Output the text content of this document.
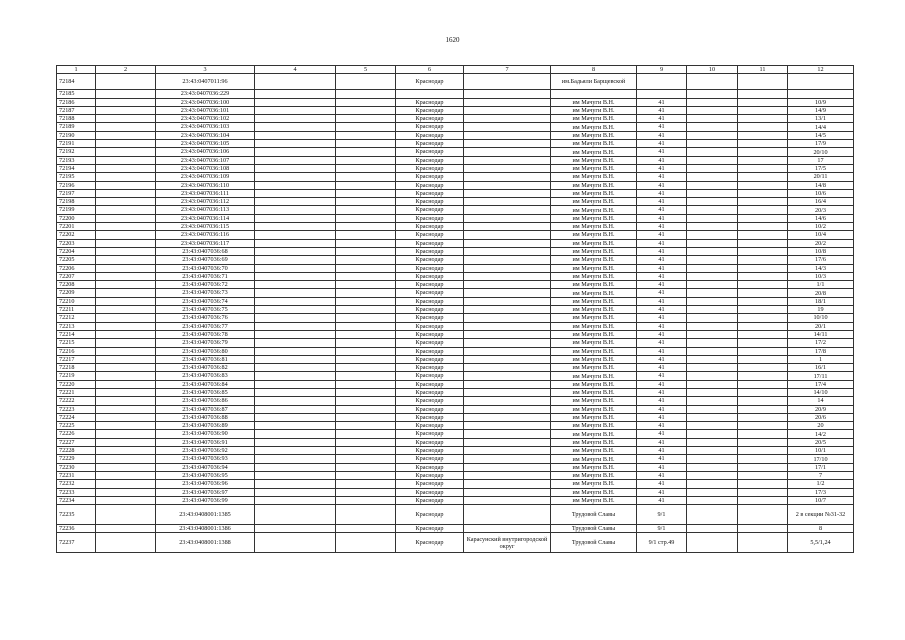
1620
1	2	3	4	5	6	7	8	9	10	11	12
72184		23:43:0407011:96			Краснодар		им.Бадьяли Барщевской				
72185		23:43:0407036:229									
72186		23:43:0407036:100			Краснодар		им Мачуги В.Н.	41			10/9
72187		23:43:0407036:101			Краснодар		им Мачуги В.Н.	41			14/9
72188		23:43:0407036:102			Краснодар		им Мачуги В.Н.	41			13/1
72189		23:43:0407036:103			Краснодар		им Мачуги В.Н.	41			14/4
72190		23:43:0407036:104			Краснодар		им Мачуги В.Н.	41			14/5
72191		23:43:0407036:105			Краснодар		им Мачуги В.Н.	41			17/9
72192		23:43:0407036:106			Краснодар		им Мачуги В.Н.	41			20/10
72193		23:43:0407036:107			Краснодар		им Мачуги В.Н.	41			17
72194		23:43:0407036:108			Краснодар		им Мачуги В.Н.	41			17/5
72195		23:43:0407036:109			Краснодар		им Мачуги В.Н.	41			20/11
72196		23:43:0407036:110			Краснодар		им Мачуги В.Н.	41			14/8
72197		23:43:0407036:111			Краснодар		им Мачуги В.Н.	41			10/6
72198		23:43:0407036:112			Краснодар		им Мачуги В.Н.	41			16/4
72199		23:43:0407036:113			Краснодар		им Мачуги В.Н.	41			20/3
72200		23:43:0407036:114			Краснодар		им Мачуги В.Н.	41			14/6
72201		23:43:0407036:115			Краснодар		им Мачуги В.Н.	41			10/2
72202		23:43:0407036:116			Краснодар		им Мачуги В.Н.	41			10/4
72203		23:43:0407036:117			Краснодар		им Мачуги В.Н.	41			20/2
72204		23:43:0407036:68			Краснодар		им Мачуги В.Н.	41			10/8
72205		23:43:0407036:69			Краснодар		им Мачуги В.Н.	41			17/6
72206		23:43:0407036:70			Краснодар		им Мачуги В.Н.	41			14/3
72207		23:43:0407036:71			Краснодар		им Мачуги В.Н.	41			10/3
72208		23:43:0407036:72			Краснодар		им Мачуги В.Н.	41			1/1
72209		23:43:0407036:73			Краснодар		им Мачуги В.Н.	41			20/8
72210		23:43:0407036:74			Краснодар		им Мачуги В.Н.	41			18/1
72211		23:43:0407036:75			Краснодар		им Мачуги В.Н.	41			19
72212		23:43:0407036:76			Краснодар		им Мачуги В.Н.	41			10/10
72213		23:43:0407036:77			Краснодар		им Мачуги В.Н.	41			20/1
72214		23:43:0407036:78			Краснодар		им Мачуги В.Н.	41			14/11
72215		23:43:0407036:79			Краснодар		им Мачуги В.Н.	41			17/2
72216		23:43:0407036:80			Краснодар		им Мачуги В.Н.	41			17/8
72217		23:43:0407036:81			Краснодар		им Мачуги В.Н.	41			1
72218		23:43:0407036:82			Краснодар		им Мачуги В.Н.	41			16/1
72219		23:43:0407036:83			Краснодар		им Мачуги В.Н.	41			17/11
72220		23:43:0407036:84			Краснодар		им Мачуги В.Н.	41			17/4
72221		23:43:0407036:85			Краснодар		им Мачуги В.Н.	41			14/10
72222		23:43:0407036:86			Краснодар		им Мачуги В.Н.	41			14
72223		23:43:0407036:87			Краснодар		им Мачуги В.Н.	41			20/9
72224		23:43:0407036:88			Краснодар		им Мачуги В.Н.	41			20/6
72225		23:43:0407036:89			Краснодар		им Мачуги В.Н.	41			20
72226		23:43:0407036:90			Краснодар		им Мачуги В.Н.	41			14/2
72227		23:43:0407036:91			Краснодар		им Мачуги В.Н.	41			20/5
72228		23:43:0407036:92			Краснодар		им Мачуги В.Н.	41			10/1
72229		23:43:0407036:93			Краснодар		им Мачуги В.Н.	41			17/10
72230		23:43:0407036:94			Краснодар		им Мачуги В.Н.	41			17/1
72231		23:43:0407036:95			Краснодар		им Мачуги В.Н.	41			7
72232		23:43:0407036:96			Краснодар		им Мачуги В.Н.	41			1/2
72233		23:43:0407036:97			Краснодар		им Мачуги В.Н.	41			17/3
72234		23:43:0407036:99			Краснодар		им Мачуги В.Н.	41			10/7
72235		23:43:0408001:1385			Краснодар		Трудовой Славы	9/1			2 в секции №31-32
72236		23:43:0408001:1386			Краснодар		Трудовой Славы	9/1			8
72237		23:43:0408001:1388			Краснодар	Карасунский внутригородской округ	Трудовой Славы	9/1 стр.49			5,5/1,24
